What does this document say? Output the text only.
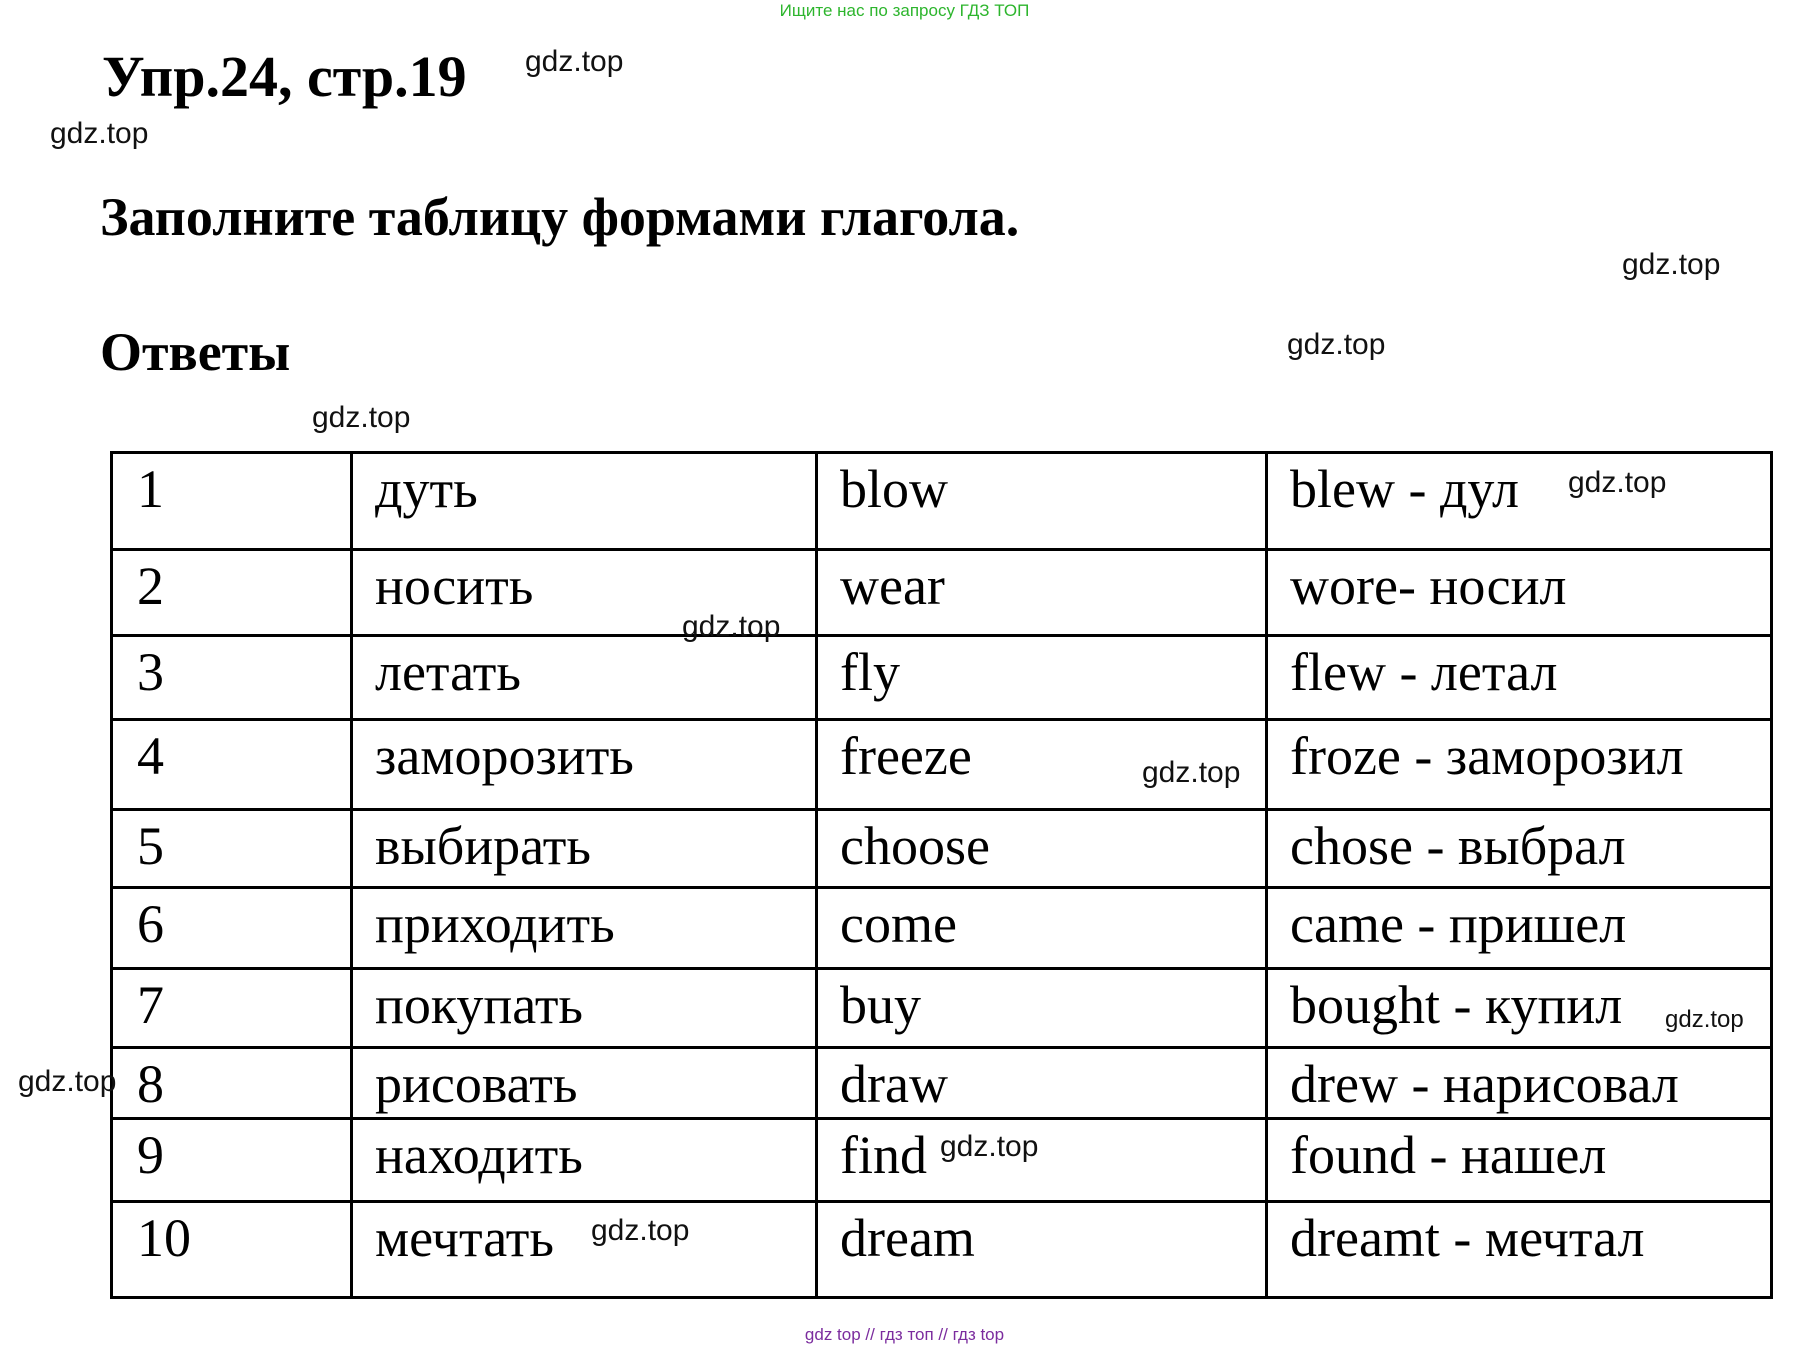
Ищите нас по запросу ГДЗ ТОП
Упр.24, стр.19
Заполните таблицу формами глагола.
Ответы
gdz.top
gdz.top
gdz.top
gdz.top
gdz.top
1	дуть	blow	blew - дул
2	носить	wear	wore- носил
3	летать	fly	flew - летал
4	заморозить	freeze	froze - заморозил
5	выбирать	choose	chose - выбрал
6	приходить	come	came - пришел
7	покупать	buy	bought - купил
8	рисовать	draw	drew - нарисовал
9	находить	find	found - нашел
10	мечтать	dream	dreamt - мечтал
gdz.top
gdz.top
gdz.top
gdz.top
gdz.top
gdz.top
gdz.top
gdz top // гдз топ // гдз top
